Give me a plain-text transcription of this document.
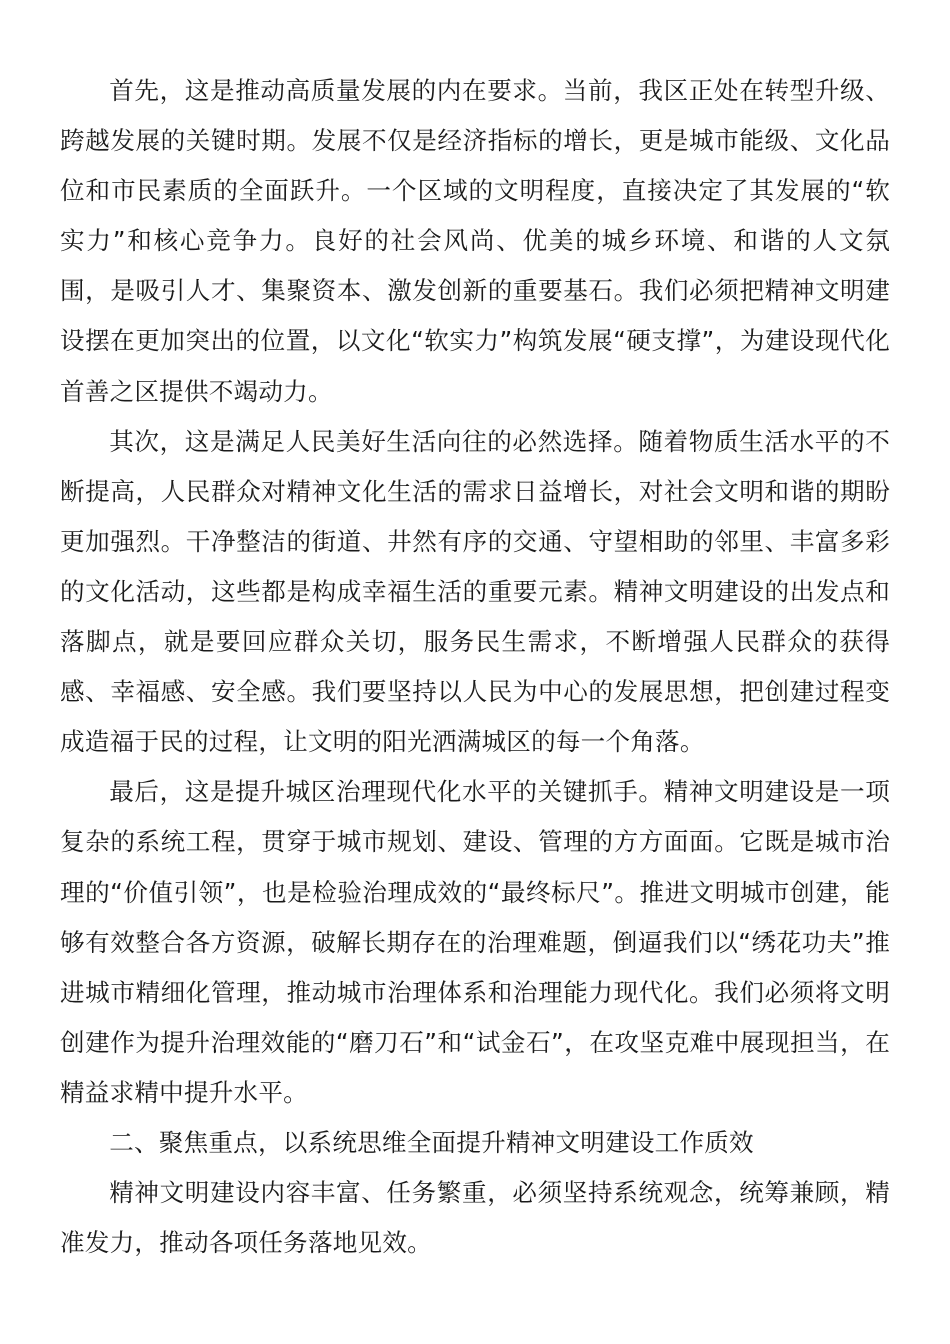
首先，这是推动高质量发展的内在要求。当前，我区正处在转型升级、跨越发展的关键时期。发展不仅是经济指标的增长，更是城市能级、文化品位和市民素质的全面跃升。一个区域的文明程度，直接决定了其发展的“软实力”和核心竞争力。良好的社会风尚、优美的城乡环境、和谐的人文氛围，是吸引人才、集聚资本、激发创新的重要基石。我们必须把精神文明建设摆在更加突出的位置，以文化“软实力”构筑发展“硬支撑”，为建设现代化首善之区提供不竭动力。

其次，这是满足人民美好生活向往的必然选择。随着物质生活水平的不断提高，人民群众对精神文化生活的需求日益增长，对社会文明和谐的期盼更加强烈。干净整洁的街道、井然有序的交通、守望相助的邻里、丰富多彩的文化活动，这些都是构成幸福生活的重要元素。精神文明建设的出发点和落脚点，就是要回应群众关切，服务民生需求，不断增强人民群众的获得感、幸福感、安全感。我们要坚持以人民为中心的发展思想，把创建过程变成造福于民的过程，让文明的阳光洒满城区的每一个角落。

最后，这是提升城区治理现代化水平的关键抓手。精神文明建设是一项复杂的系统工程，贯穿于城市规划、建设、管理的方方面面。它既是城市治理的“价值引领”，也是检验治理成效的“最终标尺”。推进文明城市创建，能够有效整合各方资源，破解长期存在的治理难题，倒逼我们以“绣花功夫”推进城市精细化管理，推动城市治理体系和治理能力现代化。我们必须将文明创建作为提升治理效能的“磨刀石”和“试金石”，在攻坚克难中展现担当，在精益求精中提升水平。

二、聚焦重点，以系统思维全面提升精神文明建设工作质效

精神文明建设内容丰富、任务繁重，必须坚持系统观念，统筹兼顾，精准发力，推动各项任务落地见效。
